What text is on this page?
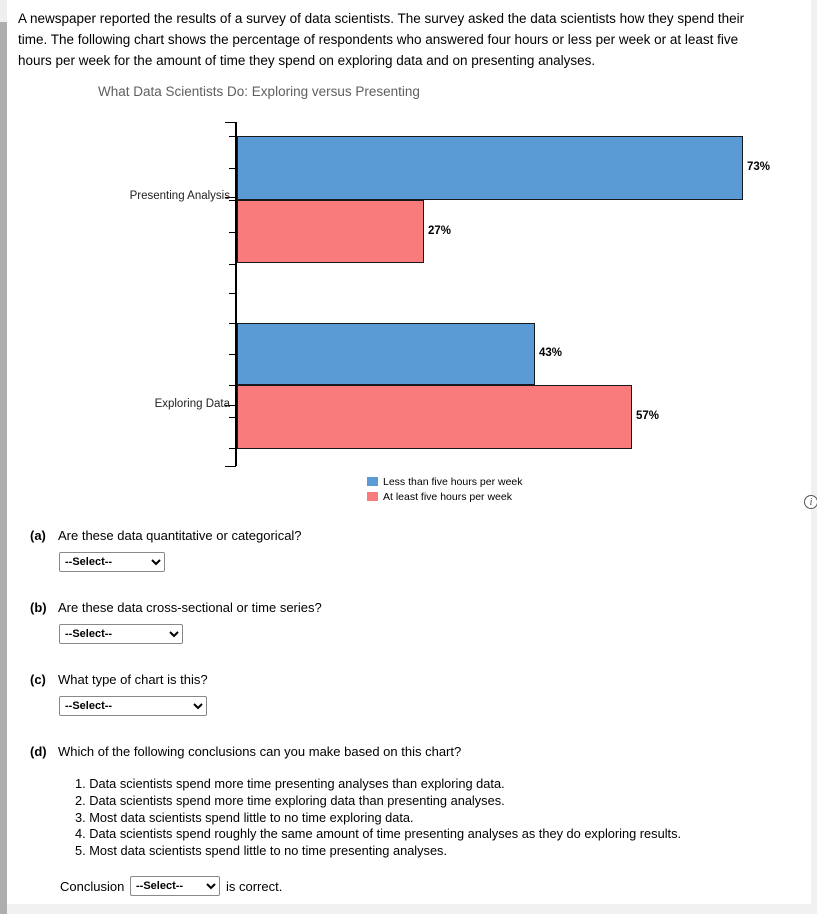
A newspaper reported the results of a survey of data scientists. The survey asked the data scientists how they spend their
time. The following chart shows the percentage of respondents who answered four hours or less per week or at least five
hours per week for the amount of time they spend on exploring data and on presenting analyses.
What Data Scientists Do: Exploring versus Presenting
73%
27%
43%
57%
Presenting Analysis
Exploring Data
Less than five hours per week
At least five hours per week	i
(a) Are these data quantitative or categorical?
--Select--
(b) Are these data cross-sectional or time series?
--Select--
(c) What type of chart is this?
--Select--
(d) Which of the following conclusions can you make based on this chart?
1. Data scientists spend more time presenting analyses than exploring data.
2. Data scientists spend more time exploring data than presenting analyses.
3. Most data scientists spend little to no time exploring data.
4. Data scientists spend roughly the same amount of time presenting analyses as they do exploring results.
5. Most data scientists spend little to no time presenting analyses.
Conclusion
--Select--	is correct.
